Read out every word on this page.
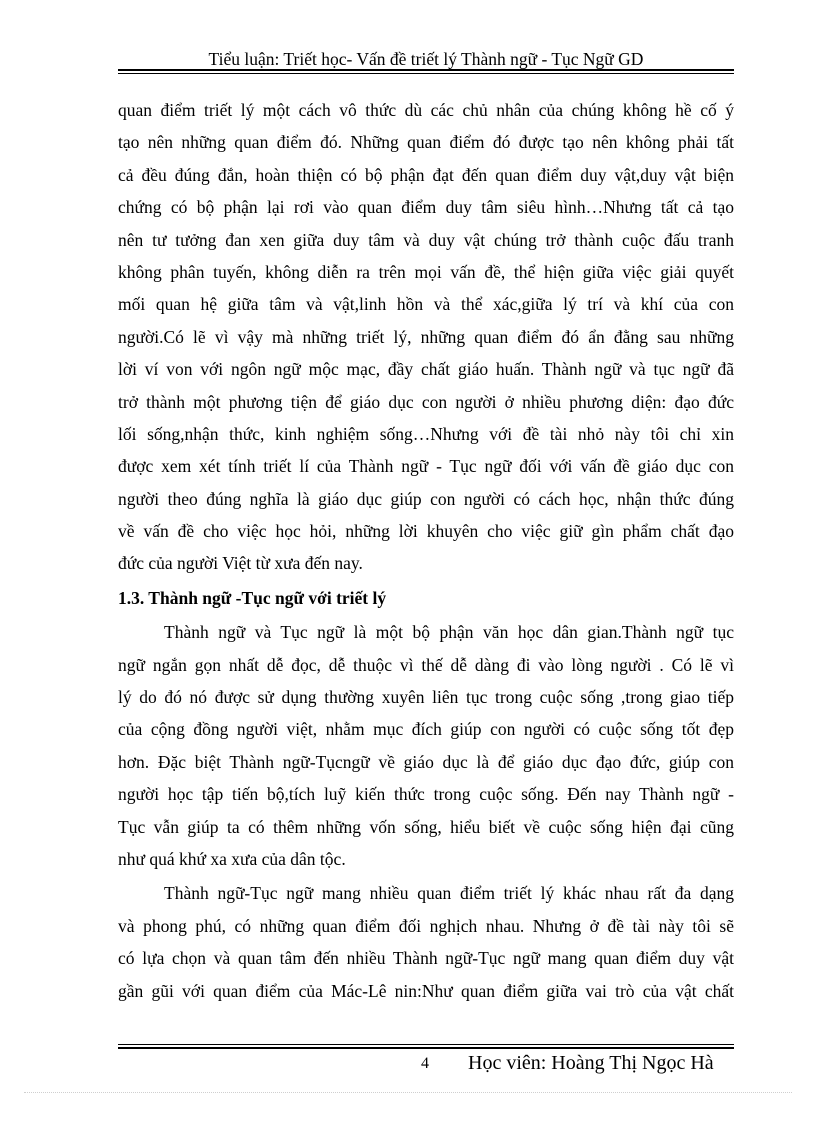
Tiểu luận: Triết học- Vấn đề triết lý Thành ngữ - Tục Ngữ GD
quan điểm triết lý một cách vô thức dù các chủ nhân của chúng không hề cố ý
tạo nên những quan điểm đó. Những quan điểm đó được tạo nên không phải tất
cả đều đúng đắn, hoàn thiện có bộ phận đạt đến quan điểm duy vật,duy vật biện
chứng có bộ phận lại rơi vào quan điểm duy tâm siêu hình…Nhưng tất cả tạo
nên tư tưởng đan xen giữa duy tâm và duy vật chúng trở thành cuộc đấu tranh
không phân tuyến, không diễn ra trên mọi vấn đề, thể hiện giữa việc giải quyết
mối quan hệ giữa tâm và vật,linh hồn và thể xác,giữa lý trí và khí của con
người.Có lẽ vì vậy mà những triết lý, những quan điểm đó ẩn đằng sau những
lời ví von với ngôn ngữ mộc mạc, đầy chất giáo huấn. Thành ngữ và tục ngữ đã
trở thành một phương tiện để giáo dục con người ở nhiều phương diện: đạo đức
lối sống,nhận thức, kinh nghiệm sống…Nhưng với đề tài nhỏ này tôi chỉ xin
được xem xét tính triết lí của Thành ngữ - Tục ngữ đối với vấn đề giáo dục con
người theo đúng nghĩa là giáo dục giúp con người có cách học, nhận thức đúng
về vấn đề cho việc học hỏi, những lời khuyên cho việc giữ gìn phẩm chất đạo
đức của người Việt từ xưa đến nay.
1.3. Thành ngữ -Tục ngữ với triết lý
Thành ngữ và Tục ngữ là một bộ phận văn học dân gian.Thành ngữ tục
ngữ ngắn gọn nhất dễ đọc, dễ thuộc vì thế dễ dàng đi vào lòng người . Có lẽ vì
lý do đó nó được sử dụng thường xuyên liên tục trong cuộc sống ,trong giao tiếp
của cộng đồng người việt, nhằm mục đích giúp con người có cuộc sống tốt đẹp
hơn. Đặc biệt Thành ngữ-Tụcngữ về giáo dục là để giáo dục đạo đức, giúp con
người học tập tiến bộ,tích luỹ kiến thức trong cuộc sống. Đến nay Thành ngữ -
Tục vẫn giúp ta có thêm những vốn sống, hiểu biết về cuộc sống hiện đại cũng
như quá khứ xa xưa của dân tộc.
Thành ngữ-Tục ngữ mang nhiều quan điểm triết lý khác nhau rất đa dạng
và phong phú, có những quan điểm đối nghịch nhau. Nhưng ở đề tài này tôi sẽ
có lựa chọn và quan tâm đến nhiều Thành ngữ-Tục ngữ mang quan điểm duy vật
gần gũi với quan điểm của Mác-Lê nin:Như quan điểm giữa vai trò của vật chất
4 Học viên: Hoàng Thị Ngọc Hà
